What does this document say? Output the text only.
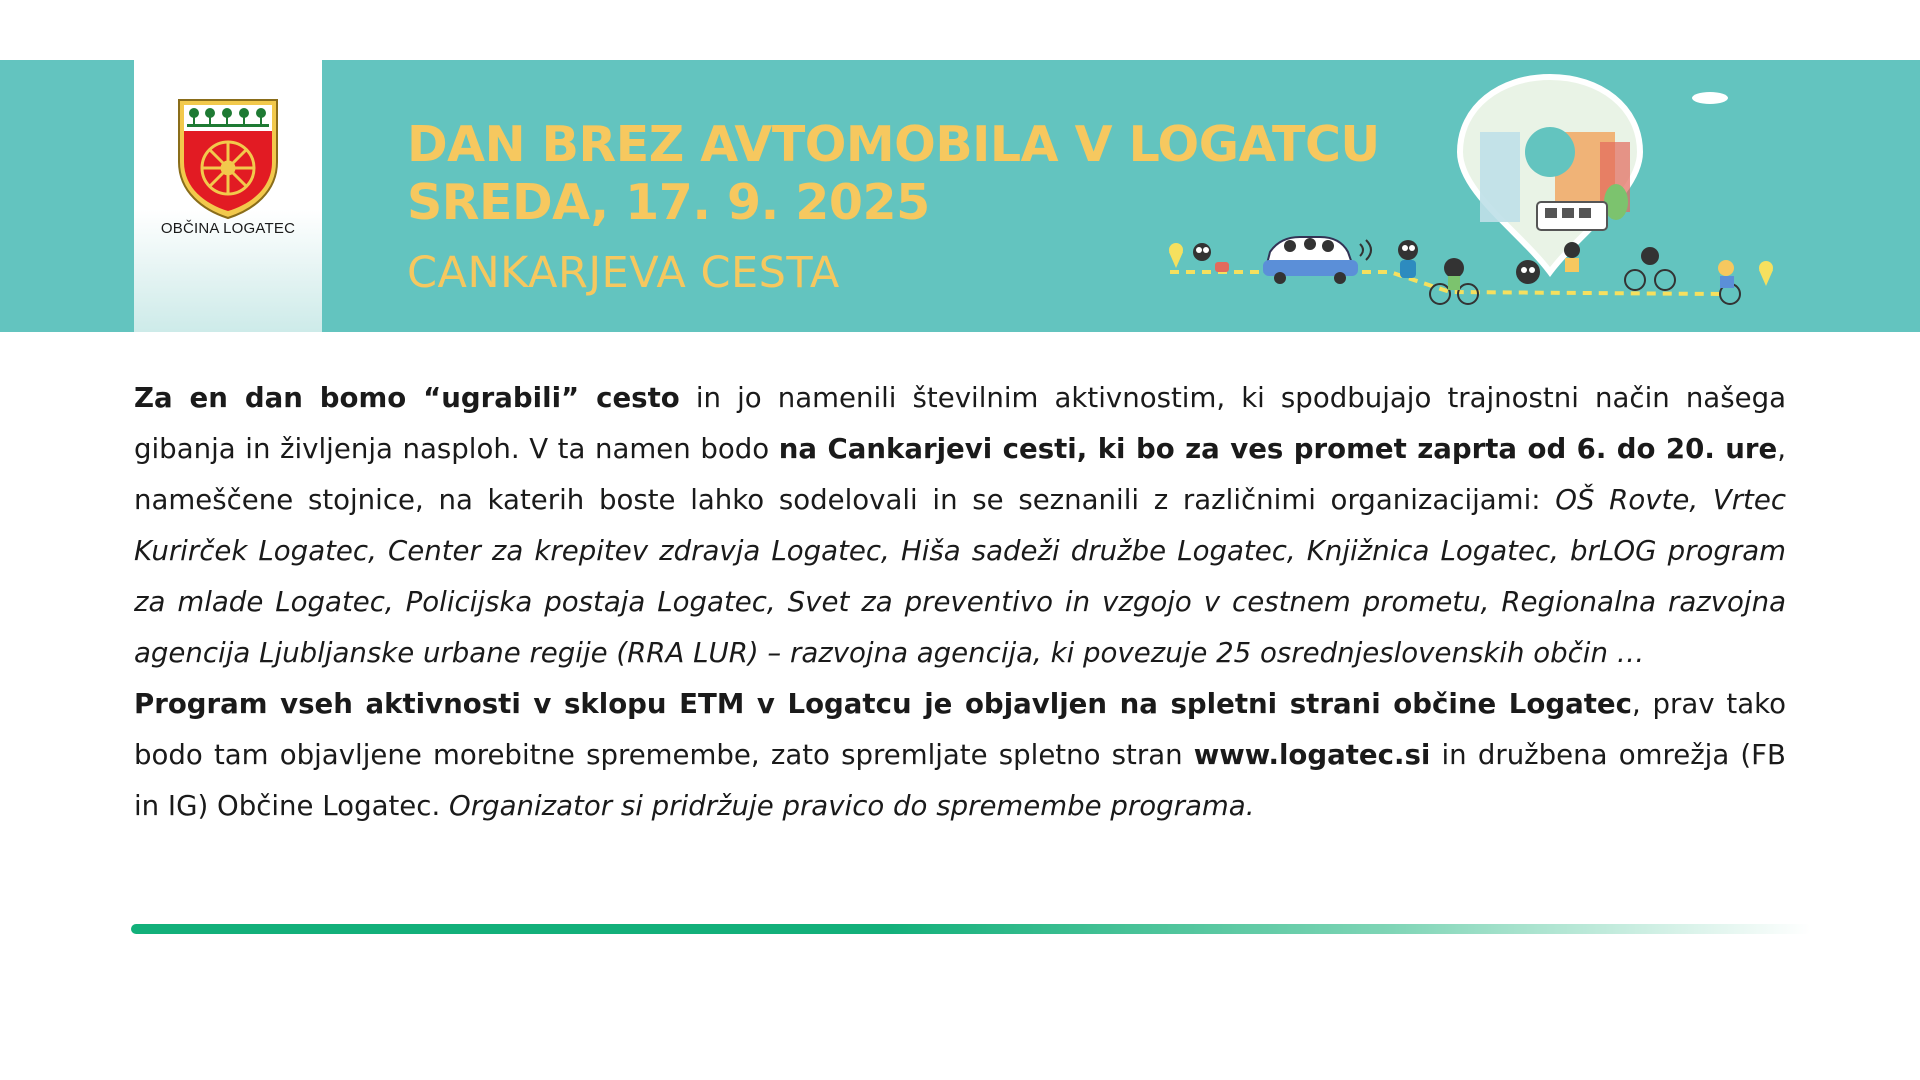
OBČINA LOGATEC
DAN BREZ AVTOMOBILA V LOGATCU
SREDA, 17. 9. 2025
CANKARJEVA CESTA

Za en dan bomo “ugrabili” cesto in jo namenili številnim aktivnostim, ki spodbujajo trajnostni način našega gibanja in življenja nasploh. V ta namen bodo na Cankarjevi cesti, ki bo za ves promet zaprta od 6. do 20. ure, nameščene stojnice, na katerih boste lahko sodelovali in se seznanili z različnimi organizacijami: OŠ Rovte, Vrtec Kurirček Logatec, Center za krepitev zdravja Logatec, Hiša sadeži družbe Logatec, Knjižnica Logatec, brLOG program za mlade Logatec, Policijska postaja Logatec, Svet za preventivo in vzgojo v cestnem prometu, Regionalna razvojna agencija Ljubljanske urbane regije (RRA LUR) – razvojna agencija, ki povezuje 25 osrednjeslovenskih občin …

Program vseh aktivnosti v sklopu ETM v Logatcu je objavljen na spletni strani občine Logatec, prav tako bodo tam objavljene morebitne spremembe, zato spremljate spletno stran www.logatec.si in družbena omrežja (FB in IG) Občine Logatec. Organizator si pridržuje pravico do spremembe programa.
